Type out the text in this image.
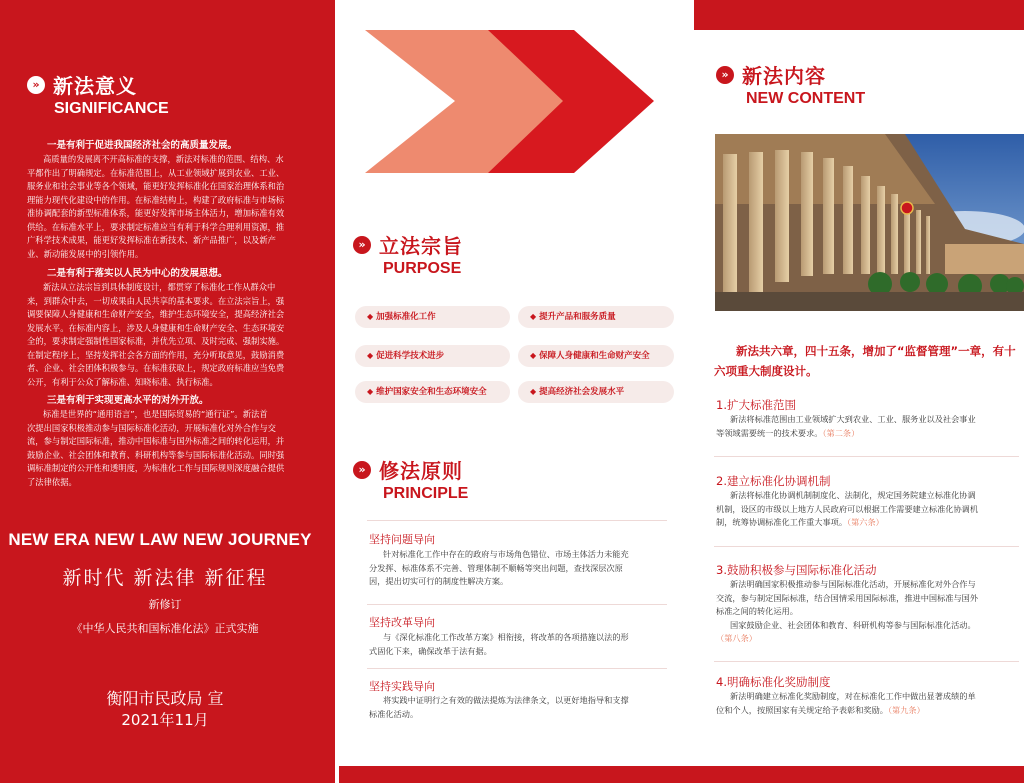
» 新法意义
SIGNIFICANCE
一是有利于促进我国经济社会的高质量发展。
高质量的发展离不开高标准的支撑，新法对标准的范围、结构、水
平都作出了明确规定。在标准范围上，从工业领域扩展到农业、工业、
服务业和社会事业等各个领域，能更好发挥标准化在国家治理体系和治
理能力现代化建设中的作用。在标准结构上，构建了政府标准与市场标
准协调配套的新型标准体系，能更好发挥市场主体活力，增加标准有效
供给。在标准水平上，要求制定标准应当有利于科学合理利用资源，推
广科学技术成果，能更好发挥标准在新技术、新产品推广，以及新产
业、新动能发展中的引领作用。
二是有利于落实以人民为中心的发展思想。
新法从立法宗旨到具体制度设计，都贯穿了标准化工作从群众中
来，到群众中去，一切成果由人民共享的基本要求。在立法宗旨上，强
调要保障人身健康和生命财产安全，维护生态环境安全，提高经济社会
发展水平。在标准内容上，涉及人身健康和生命财产安全、生态环境安
全的，要求制定强制性国家标准，并优先立项、及时完成、强制实施。
在制定程序上，坚持发挥社会各方面的作用，充分听取意见，鼓励消费
者、企业、社会团体积极参与。在标准获取上，规定政府标准应当免费
公开，有利于公众了解标准、知晓标准、执行标准。
三是有利于实现更高水平的对外开放。
标准是世界的“通用语言”，也是国际贸易的“通行证”。新法首
次提出国家积极推动参与国际标准化活动，开展标准化对外合作与交
流，参与制定国际标准，推动中国标准与国外标准之间的转化运用，并
鼓励企业、社会团体和教育、科研机构等参与国际标准化活动。同时强
调标准制定的公开性和透明度，为标准化工作与国际规则深度融合提供
了法律依据。
NEW ERA NEW LAW NEW JOURNEY
新时代 新法律 新征程
新修订
《中华人民共和国标准化法》正式实施
衡阳市民政局 宣
2021年11月
» 立法宗旨
PURPOSE
◆ 加强标准化工作	◆ 提升产品和服务质量
◆ 促进科学技术进步	◆ 保障人身健康和生命财产安全
◆ 维护国家安全和生态环境安全	◆ 提高经济社会发展水平
» 修法原则
PRINCIPLE
坚持问题导向
针对标准化工作中存在的政府与市场角色错位、市场主体活力未能充
分发挥、标准体系不完善、管理体制不顺畅等突出问题，查找深层次原
因，提出切实可行的制度性解决方案。
坚持改革导向
与《深化标准化工作改革方案》相衔接，将改革的各项措施以法的形
式固化下来，确保改革于法有据。
坚持实践导向
将实践中证明行之有效的做法提炼为法律条文，以更好地指导和支撑
标准化活动。
» 新法内容
NEW CONTENT
新法共六章，四十五条，增加了“监督管理”一章，有十六项重大制度设计。
1.扩大标准范围
新法将标准范围由工业领域扩大到农业、工业、服务业以及社会事业
等领域需要统一的技术要求。（第二条）
2.建立标准化协调机制
新法将标准化协调机制制度化、法制化，规定国务院建立标准化协调
机制，设区的市级以上地方人民政府可以根据工作需要建立标准化协调机
制，统筹协调标准化工作重大事项。（第六条）
3.鼓励积极参与国际标准化活动
新法明确国家积极推动参与国际标准化活动，开展标准化对外合作与
交流，参与制定国际标准，结合国情采用国际标准，推进中国标准与国外
标准之间的转化运用。
国家鼓励企业、社会团体和教育、科研机构等参与国际标准化活动。
（第八条）
4.明确标准化奖励制度
新法明确建立标准化奖励制度，对在标准化工作中做出显著成绩的单
位和个人，按照国家有关规定给予表彰和奖励。（第九条）
